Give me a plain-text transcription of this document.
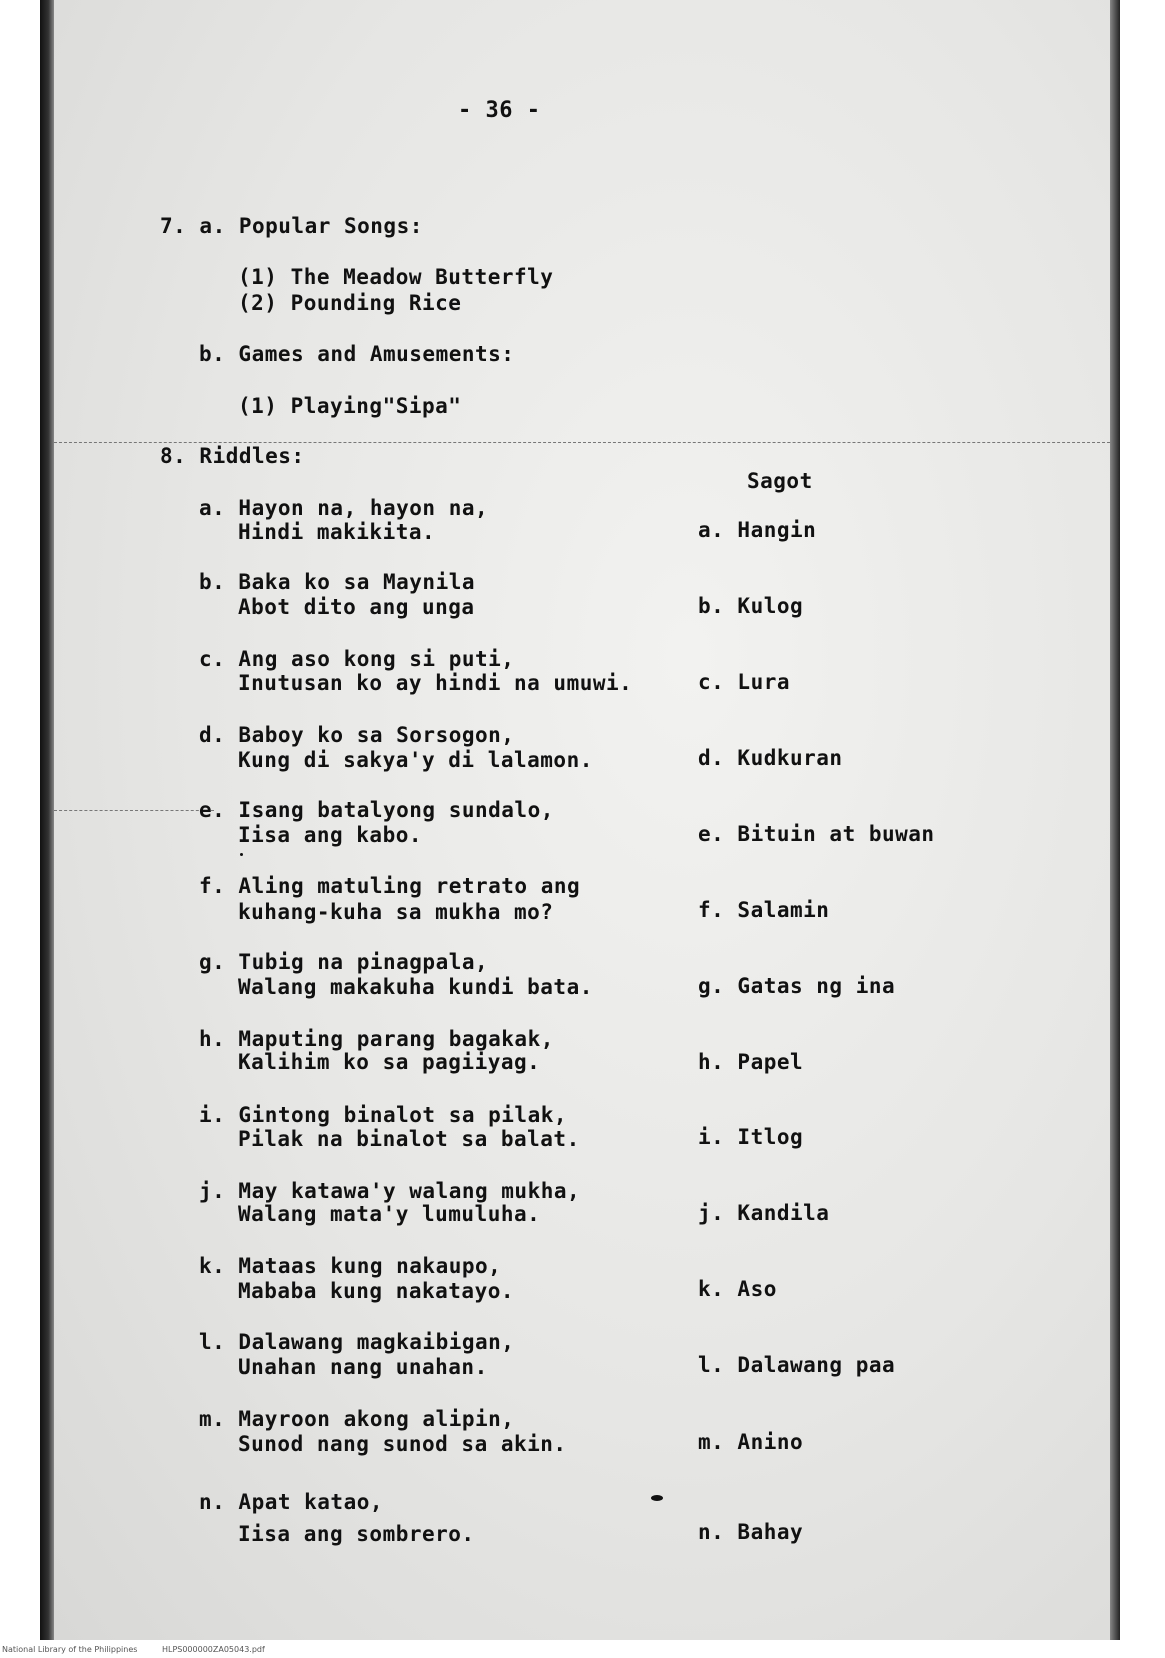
- 36 -
7. a. Popular Songs:
(1) The Meadow Butterfly
(2) Pounding Rice
b. Games and Amusements:
(1) Playing"Sipa"
8. Riddles:
Sagot
a. Hayon na, hayon na,
Hindi makikita.	a. Hangin
b. Baka ko sa Maynila
Abot dito ang unga	b. Kulog
c. Ang aso kong si puti,
Inutusan ko ay hindi na umuwi.	c. Lura
d. Baboy ko sa Sorsogon,
Kung di sakya'y di lalamon.	d. Kudkuran
e. Isang batalyong sundalo,
Iisa ang kabo.	e. Bituin at buwan
f. Aling matuling retrato ang
kuhang-kuha sa mukha mo?	f. Salamin
g. Tubig na pinagpala,
Walang makakuha kundi bata.	g. Gatas ng ina
h. Maputing parang bagakak,
Kalihim ko sa pagiiyag.	h. Papel
i. Gintong binalot sa pilak,
Pilak na binalot sa balat.	i. Itlog
j. May katawa'y walang mukha,
Walang mata'y lumuluha.	j. Kandila
k. Mataas kung nakaupo,
Mababa kung nakatayo.	k. Aso
l. Dalawang magkaibigan,
Unahan nang unahan.	l. Dalawang paa
m. Mayroon akong alipin,
Sunod nang sunod sa akin.	m. Anino
n. Apat katao,
Iisa ang sombrero.	n. Bahay
National Library of the Philippines	HLPS000000ZA05043.pdf
